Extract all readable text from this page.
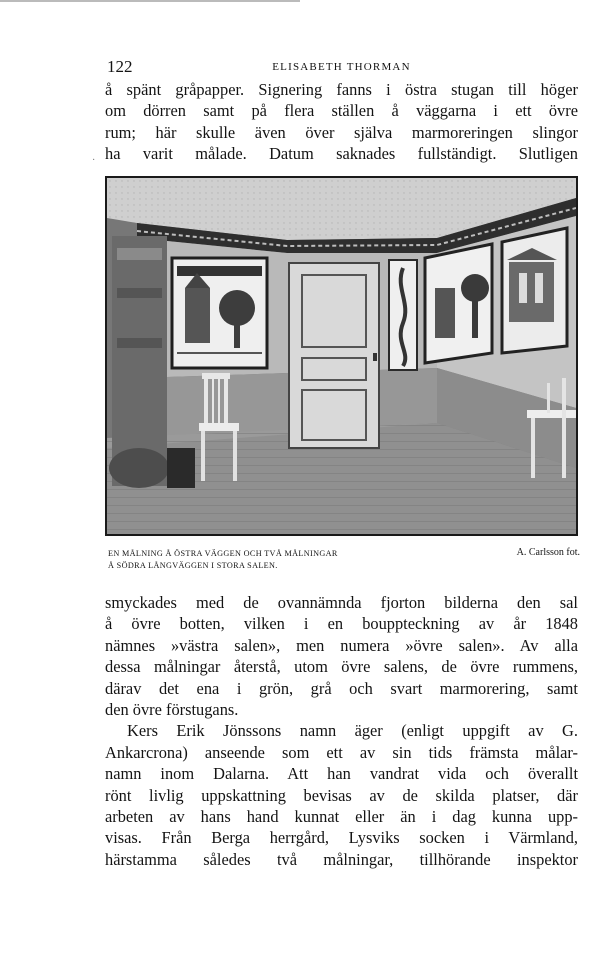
122	ELISABETH THORMAN
·
å spänt gråpapper. Signering fanns i östra stugan till höger
om dörren samt på flera ställen å väggarna i ett övre
rum; här skulle även över själva marmoreringen slingor
ha varit målade. Datum saknades fullständigt. Slutligen
EN MÅLNING Å ÖSTRA VÄGGEN OCH TVÅ MÅLNINGAR
Å SÖDRA LÅNGVÄGGEN I STORA SALEN.
A. Carlsson fot.
smyckades med de ovannämnda fjorton bilderna den sal
å övre botten, vilken i en bouppteckning av år 1848
nämnes »västra salen», men numera »övre salen». Av alla
dessa målningar återstå, utom övre salens, de övre rummens,
därav det ena i grön, grå och svart marmorering, samt
den övre förstugans.
Kers Erik Jönssons namn äger (enligt uppgift av G.
Ankarcrona) anseende som ett av sin tids främsta målar-
namn inom Dalarna. Att han vandrat vida och överallt
rönt livlig uppskattning bevisas av de skilda platser, där
arbeten av hans hand kunnat eller än i dag kunna upp-
visas. Från Berga herrgård, Lysviks socken i Värmland,
härstamma således två målningar, tillhörande inspektor
